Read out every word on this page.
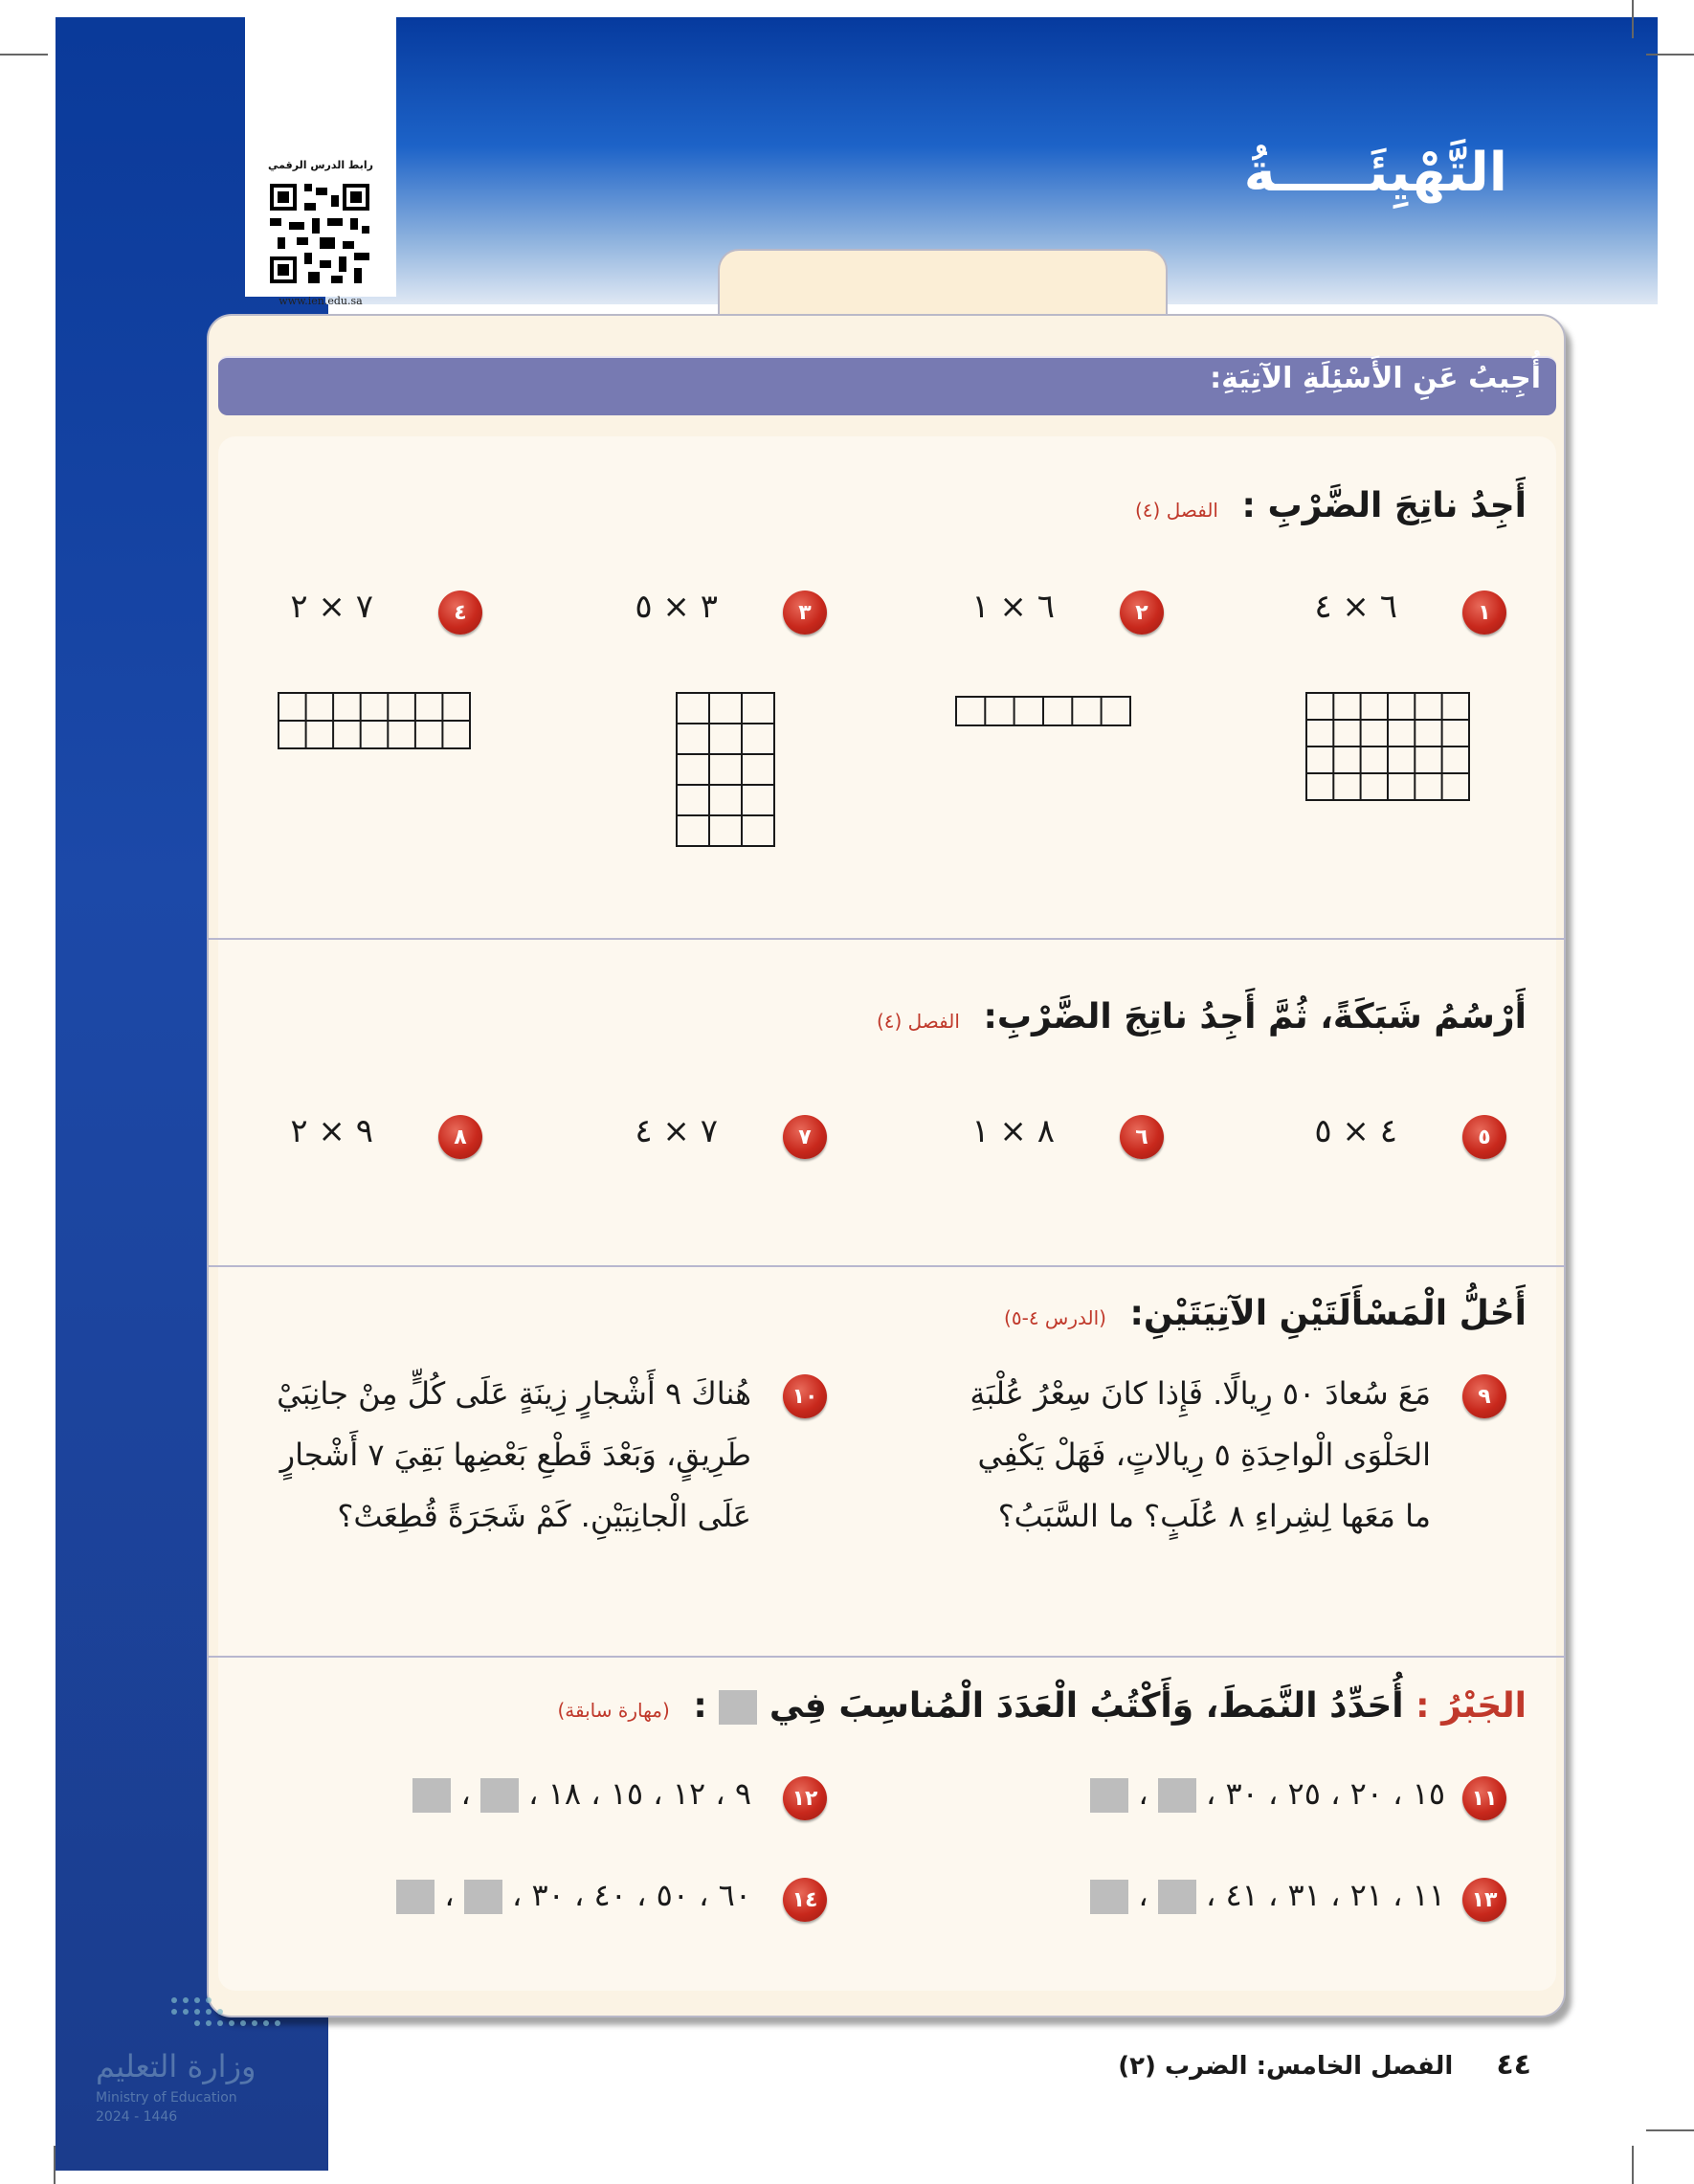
التَّهْيِئَـــــةُ
رابط الدرس الرقمي
www.ien.edu.sa
أُجِيبُ عَنِ الأَسْئِلَةِ الآتِيَةِ:
أَجِدُ ناتِجَ الضَّرْبِ : الفصل (٤)
١
٦ × ٤
٢
٦ × ١
٣
٣ × ٥
٤
٧ × ٢
أَرْسُمُ شَبَكَةً، ثُمَّ أَجِدُ ناتِجَ الضَّرْبِ: الفصل (٤)
٥
٤ × ٥
٦
٨ × ١
٧
٧ × ٤
٨
٩ × ٢
أَحُلُّ الْمَسْأَلَتَيْنِ الآتِيَتَيْنِ: (الدرس ٤-٥)
٩
مَعَ سُعادَ ٥٠ رِيالًا. فَإِذا كانَ سِعْرُ عُلْبَةِ
الحَلْوَى الْواحِدَةِ ٥ رِيالاتٍ، فَهَلْ يَكْفِي
ما مَعَها لِشِراءِ ٨ عُلَبٍ؟ ما السَّبَبُ؟
١٠
هُناكَ ٩ أَشْجارٍ زِينَةٍ عَلَى كُلٍّ مِنْ جانِبَيْ
طَرِيقٍ، وَبَعْدَ قَطْعِ بَعْضِها بَقِيَ ٧ أَشْجارٍ
عَلَى الْجانِبَيْنِ. كَمْ شَجَرَةً قُطِعَتْ؟
الجَبْرُ : أُحَدِّدُ النَّمَطَ، وَأَكْتُبُ الْعَدَدَ الْمُناسِبَ فِي  : (مهارة سابقة)
١١
١٥ ، ٢٠ ، ٢٥ ، ٣٠ ،  ،
١٢
٩ ، ١٢ ، ١٥ ، ١٨ ،  ،
١٣
١١ ، ٢١ ، ٣١ ، ٤١ ،  ،
١٤
٦٠ ، ٥٠ ، ٤٠ ، ٣٠ ،  ،
وزارة التعليم
Ministry of Education
2024 - 1446
٤٤ الفصل الخامس: الضرب (٢)
